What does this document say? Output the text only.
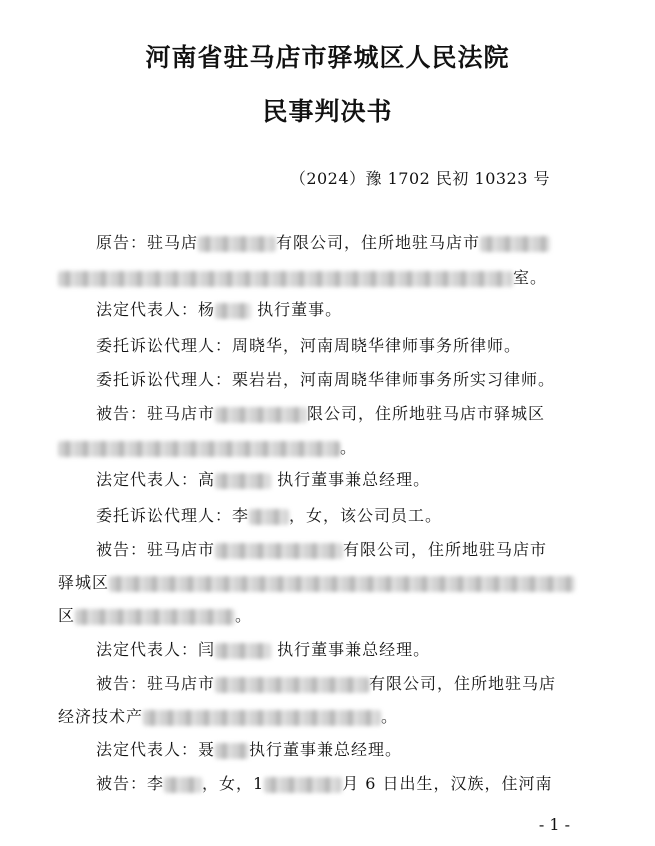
河南省驻马店市驿城区人民法院
民事判决书
（2024）豫 1702 民初 10323 号
原告：驻马店	有限公司，住所地驻马店市
室。
法定代表人：杨	执行董事。
委托诉讼代理人：周晓华，河南周晓华律师事务所律师。
委托诉讼代理人：栗岩岩，河南周晓华律师事务所实习律师。
被告：驻马店市	限公司，住所地驻马店市驿城区
。
法定代表人：高	执行董事兼总经理。
委托诉讼代理人：李	，女，该公司员工。
被告：驻马店市	有限公司，住所地驻马店市
驿城区
区	。
法定代表人：闫	执行董事兼总经理。
被告：驻马店市	有限公司，住所地驻马店
经济技术产	。
法定代表人：聂 执行董事兼总经理。
被告：李 ，女，1	月 6 日出生，汉族，住河南
- 1 -
